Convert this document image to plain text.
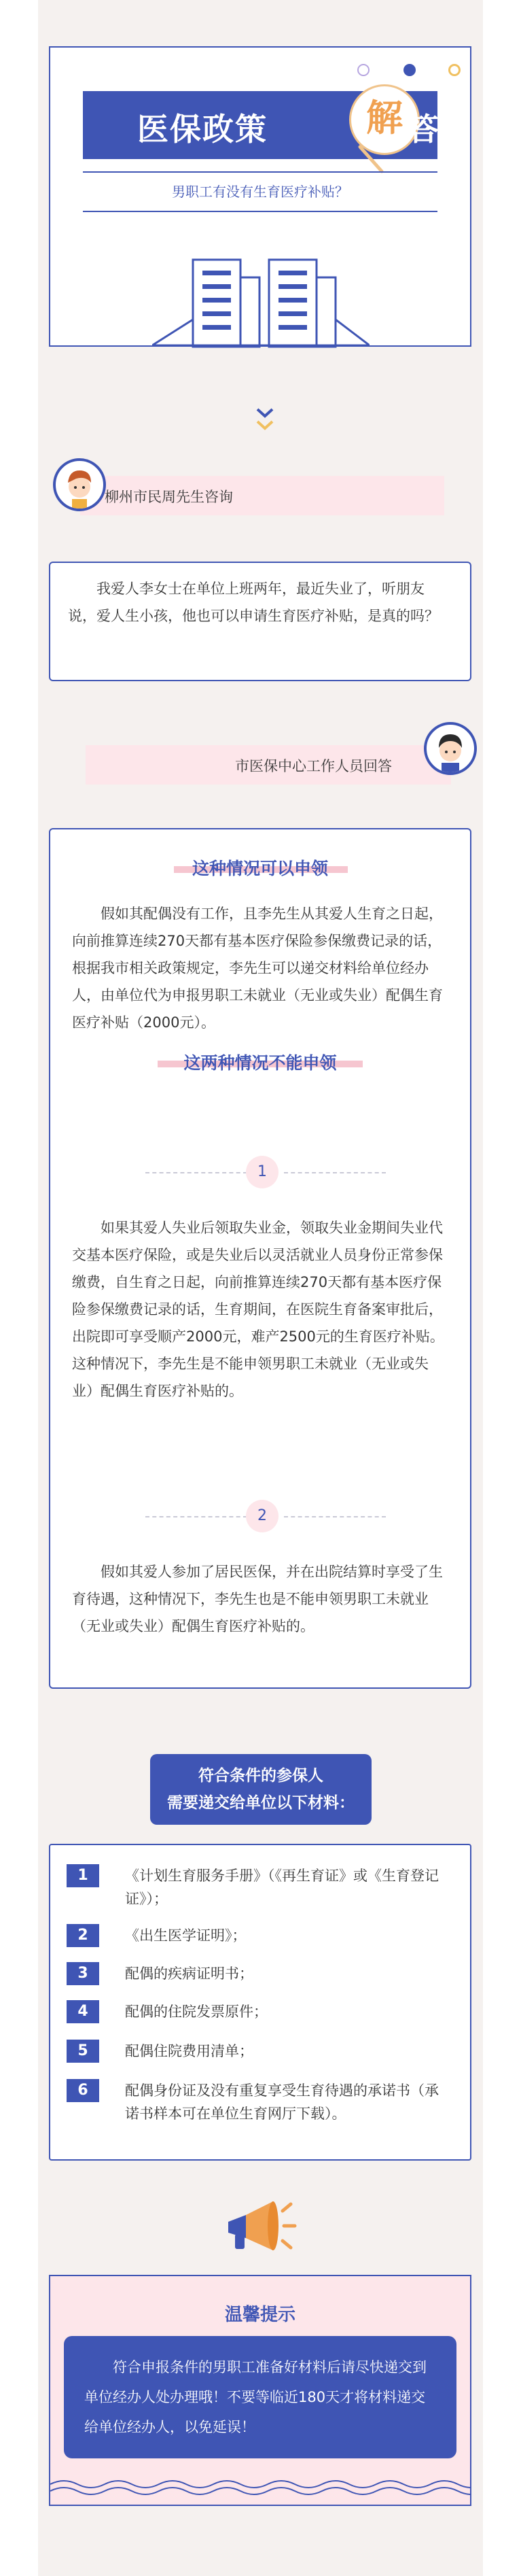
医保政策	解 答
男职工有没有生育医疗补贴？
柳州市民周先生咨询
我爱人李女士在单位上班两年，最近失业了，听朋友说，爱人生小孩，他也可以申请生育医疗补贴，是真的吗？
市医保中心工作人员回答
这种情况可以申领
假如其配偶没有工作，且李先生从其爱人生育之日起，向前推算连续270天都有基本医疗保险参保缴费记录的话，根据我市相关政策规定，李先生可以递交材料给单位经办人，由单位代为申报男职工未就业（无业或失业）配偶生育医疗补贴（2000元）。
这两种情况不能申领
1
如果其爱人失业后领取失业金，领取失业金期间失业代交基本医疗保险，或是失业后以灵活就业人员身份正常参保缴费，自生育之日起，向前推算连续270天都有基本医疗保险参保缴费记录的话，生育期间，在医院生育备案审批后，出院即可享受顺产2000元，难产2500元的生育医疗补贴。这种情况下，李先生是不能申领男职工未就业（无业或失业）配偶生育医疗补贴的。
2
假如其爱人参加了居民医保，并在出院结算时享受了生育待遇，这种情况下，李先生也是不能申领男职工未就业（无业或失业）配偶生育医疗补贴的。
符合条件的参保人
需要递交给单位以下材料：
1	《计划生育服务手册》（《再生育证》或《生育登记证》）；
2	《出生医学证明》；
3	配偶的疾病证明书；
4	配偶的住院发票原件；
5	配偶住院费用清单；
6	配偶身份证及没有重复享受生育待遇的承诺书（承诺书样本可在单位生育网厅下载）。
温馨提示
符合申报条件的男职工准备好材料后请尽快递交到单位经办人处办理哦！不要等临近180天才将材料递交给单位经办人，以免延误！
